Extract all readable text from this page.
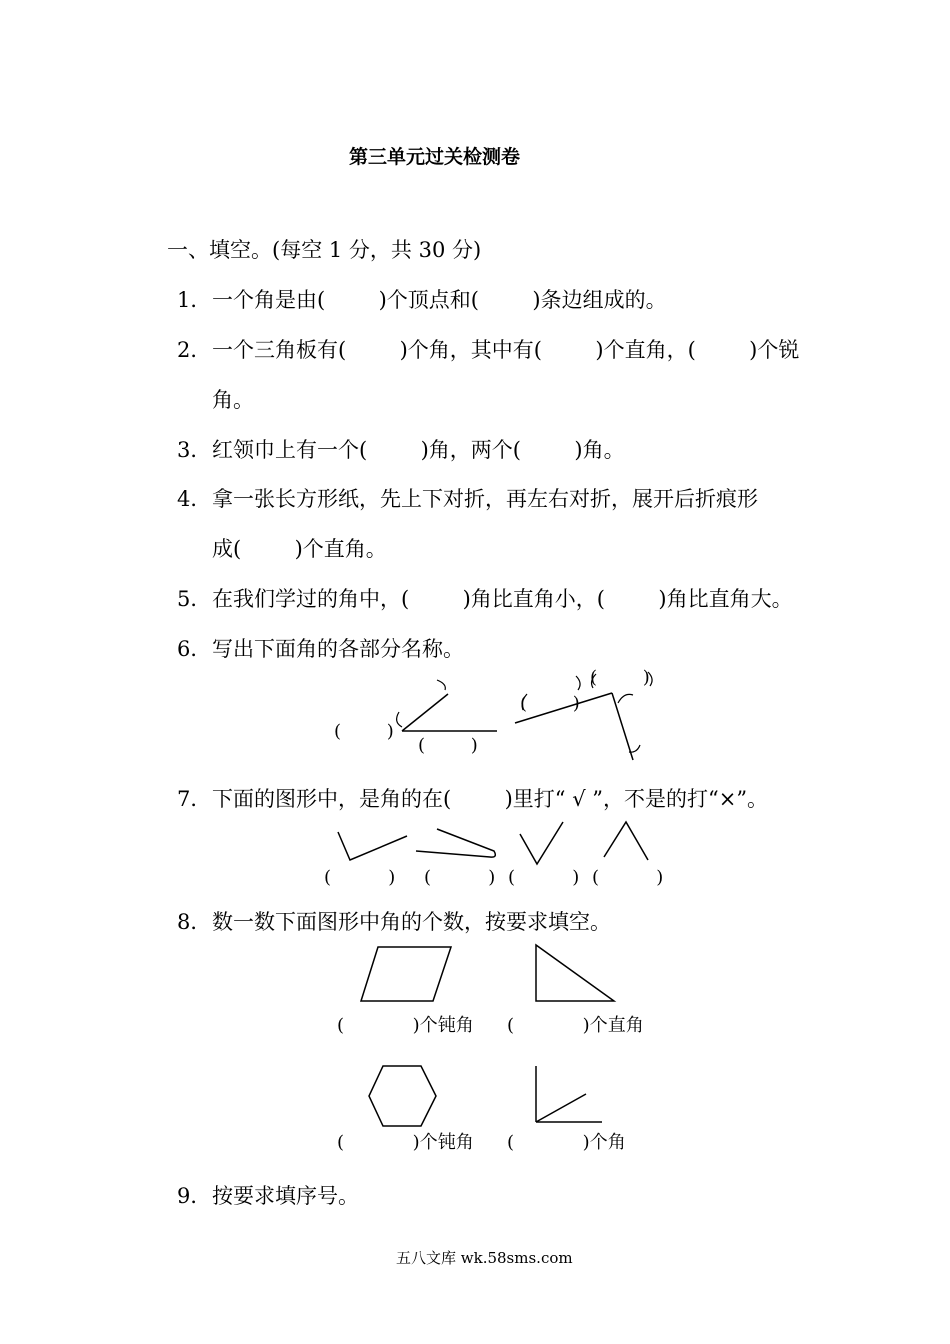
第三单元过关检测卷
一、填空。(每空 1 分，共 30 分)
1． 一个角是由(        )个顶点和(        )条边组成的。
2． 一个三角板有(        )个角，其中有(        )个直角，(        )个锐
角。
3． 红领巾上有一个(        )角，两个(        )角。
4． 拿一张长方形纸，先上下对折，再左右对折，展开后折痕形
成(        )个直角。
5． 在我们学过的角中，(        )角比直角小，(        )角比直角大。
6． 写出下面角的各部分名称。
(        )
(        )
(        )
(        )
7． 下面的图形中，是角的在(        )里打“ √ ”，不是的打“×”。
(          ) (          ) (          ) (          )
8． 数一数下面图形中角的个数，按要求填空。
(            )个钝角 (            )个直角
(            )个钝角 (            )个角
9． 按要求填序号。
五八文库 wk.58sms.com
